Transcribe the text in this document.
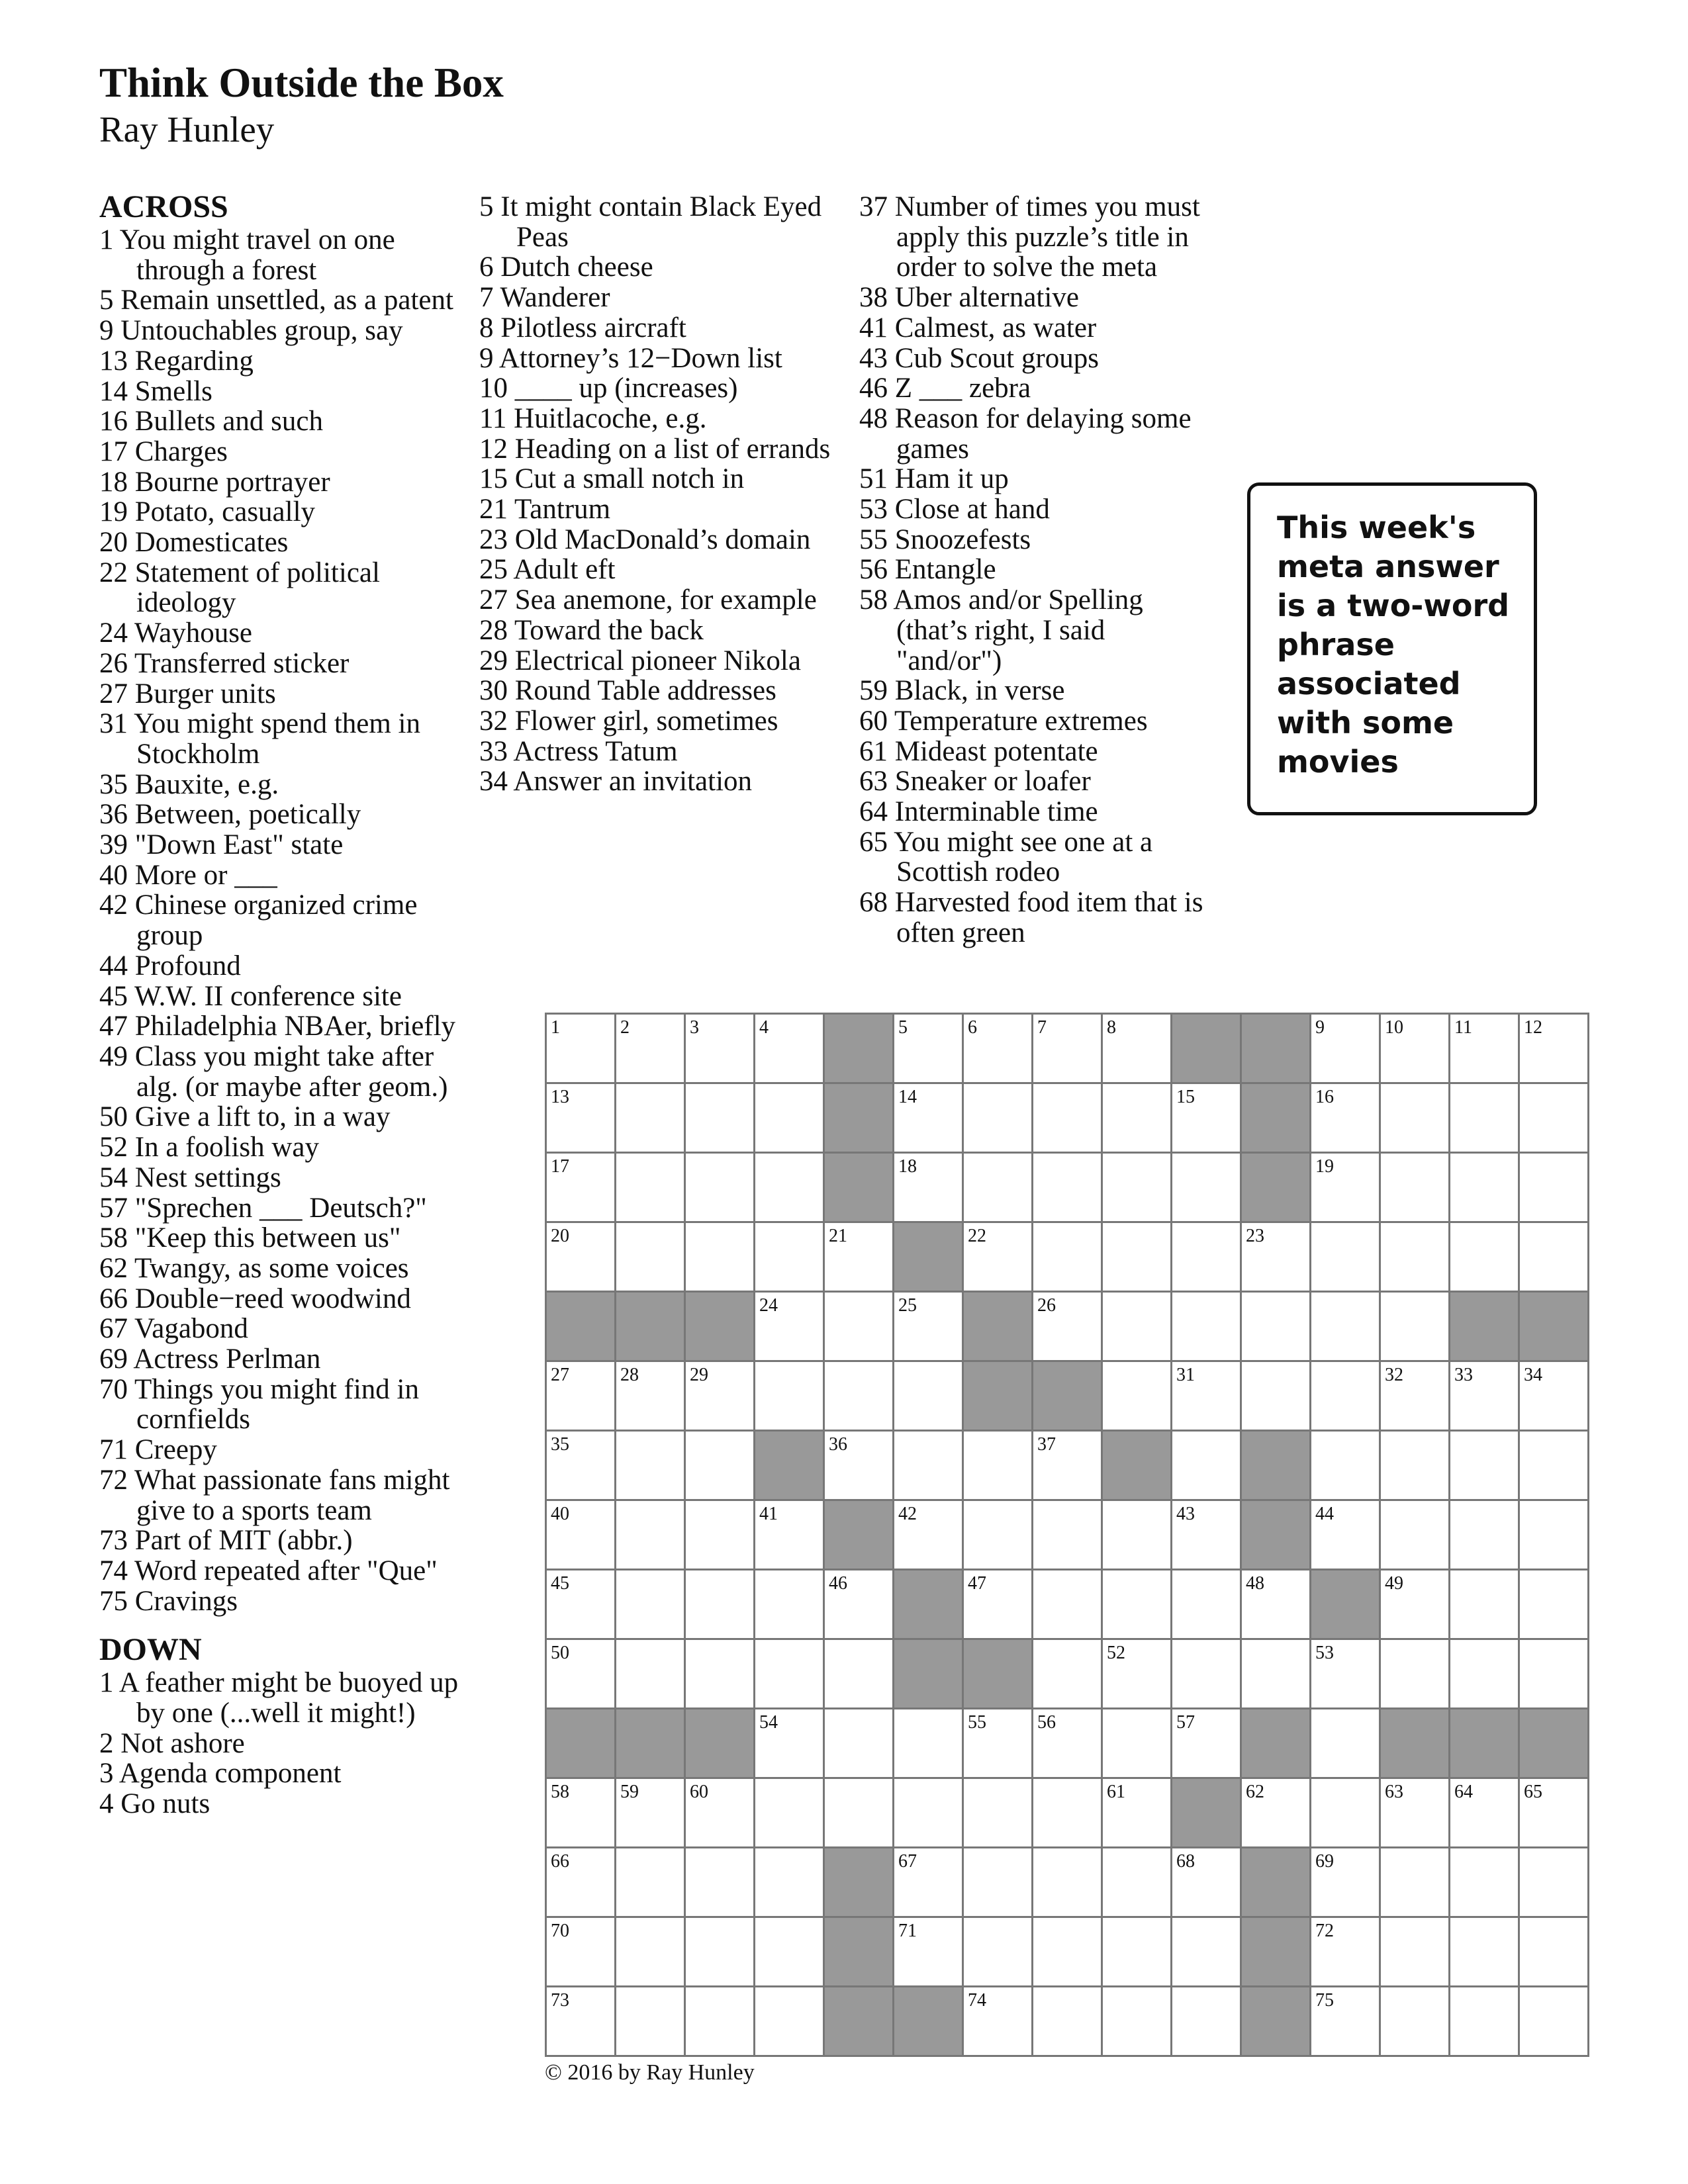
Think Outside the Box
Ray Hunley
ACROSS
1 You might travel on one through a forest
5 Remain unsettled, as a patent
9 Untouchables group, say
13 Regarding
14 Smells
16 Bullets and such
17 Charges
18 Bourne portrayer
19 Potato, casually
20 Domesticates
22 Statement of political ideology
24 Wayhouse
26 Transferred sticker
27 Burger units
31 You might spend them in Stockholm
35 Bauxite, e.g.
36 Between, poetically
39 "Down East" state
40 More or ___
42 Chinese organized crime group
44 Profound
45 W.W. II conference site
47 Philadelphia NBAer, briefly
49 Class you might take after alg. (or maybe after geom.)
50 Give a lift to, in a way
52 In a foolish way
54 Nest settings
57 "Sprechen ___ Deutsch?"
58 "Keep this between us"
62 Twangy, as some voices
66 Double−reed woodwind
67 Vagabond
69 Actress Perlman
70 Things you might find in cornfields
71 Creepy
72 What passionate fans might give to a sports team
73 Part of MIT (abbr.)
74 Word repeated after "Que"
75 Cravings
DOWN
1 A feather might be buoyed up by one (...well it might!)
2 Not ashore
3 Agenda component
4 Go nuts
5 It might contain Black Eyed Peas
6 Dutch cheese
7 Wanderer
8 Pilotless aircraft
9 Attorney’s 12−Down list
10 ____ up (increases)
11 Huitlacoche, e.g.
12 Heading on a list of errands
15 Cut a small notch in
21 Tantrum
23 Old MacDonald’s domain
25 Adult eft
27 Sea anemone, for example
28 Toward the back
29 Electrical pioneer Nikola
30 Round Table addresses
32 Flower girl, sometimes
33 Actress Tatum
34 Answer an invitation
37 Number of times you must apply this puzzle’s title in order to solve the meta
38 Uber alternative
41 Calmest, as water
43 Cub Scout groups
46 Z ___ zebra
48 Reason for delaying some games
51 Ham it up
53 Close at hand
55 Snoozefests
56 Entangle
58 Amos and/or Spelling (that’s right, I said "and/or")
59 Black, in verse
60 Temperature extremes
61 Mideast potentate
63 Sneaker or loafer
64 Interminable time
65 You might see one at a Scottish rodeo
68 Harvested food item that is often green
This week's meta answer is a two-word phrase associated with some movies
1	2	3	4	5	6	7	8	9	10	11	12
13	14	15	16
17	18	19
20	21	22	23
24	25	26
27	28	29	31	32	33	34
35	36	37
40	41	42	43	44
45	46	47	48	49
50	52	53
54	55	56	57
58	59	60	61	62	63	64	65
66	67	68	69
70	71	72
73	74	75
© 2016 by Ray Hunley
